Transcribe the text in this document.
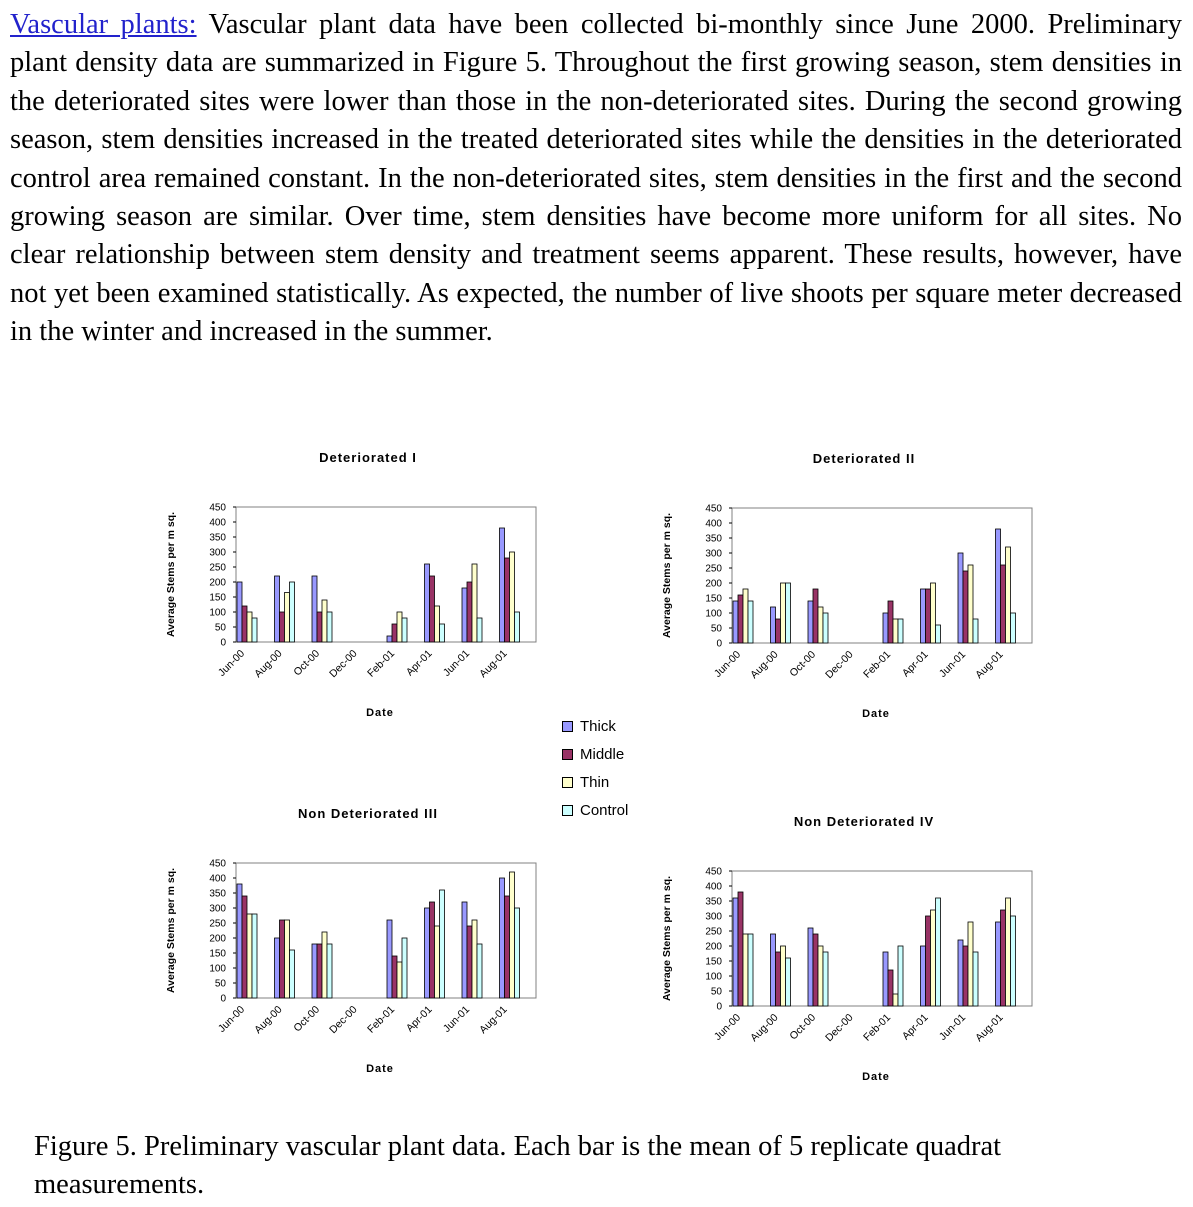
Vascular plants: Vascular plant data have been collected bi-monthly since June 2000. Preliminary plant density data are summarized in Figure 5. Throughout the first growing season, stem densities in the deteriorated sites were lower than those in the non-deteriorated sites. During the second growing season, stem densities increased in the treated deteriorated sites while the densities in the deteriorated control area remained constant. In the non-deteriorated sites, stem densities in the first and the second growing season are similar. Over time, stem densities have become more uniform for all sites. No clear relationship between stem density and treatment seems apparent. These results, however, have not yet been examined statistically. As expected, the number of live shoots per square meter decreased in the winter and increased in the summer.

Deteriorated I
0
50
100
150
200
250
300
350
400
450
Average Stems per m sq.
Jun-00 Aug-00 Oct-00 Dec-00 Feb-01 Apr-01 Jun-01 Aug-01
Date
Deteriorated II
0
50
100
150
200
250
300
350
400
450
Average Stems per m sq.
Jun-00 Aug-00 Oct-00 Dec-00 Feb-01 Apr-01 Jun-01 Aug-01
Date
Non Deteriorated III
0
50
100
150
200
250
300
350
400
450
Average Stems per m sq.
Jun-00 Aug-00 Oct-00 Dec-00 Feb-01 Apr-01 Jun-01 Aug-01
Date
Non Deteriorated IV
0
50
100
150
200
250
300
350
400
450
Average Stems per m sq.
Jun-00 Aug-00 Oct-00 Dec-00 Feb-01 Apr-01 Jun-01 Aug-01
Date
Thick
Middle
Thin
Control

Figure 5. Preliminary vascular plant data. Each bar is the mean of 5 replicate quadrat measurements.
